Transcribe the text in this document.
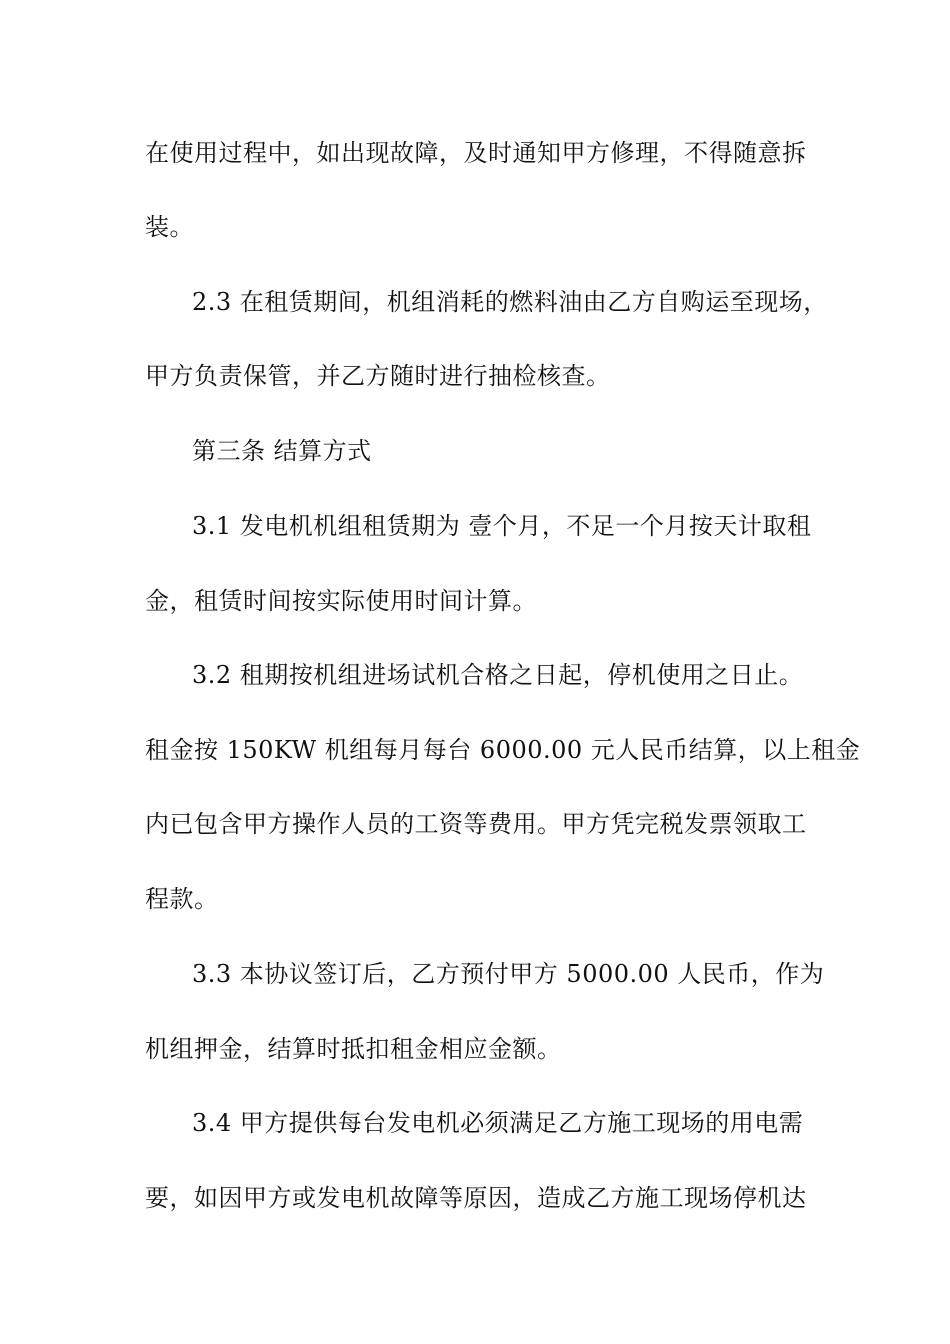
在使用过程中，如出现故障，及时通知甲方修理，不得随意拆
装。
2.3 在租赁期间，机组消耗的燃料油由乙方自购运至现场，
甲方负责保管，并乙方随时进行抽检核查。
第三条 结算方式
3.1 发电机机组租赁期为 壹个月，不足一个月按天计取租
金，租赁时间按实际使用时间计算。
3.2 租期按机组进场试机合格之日起，停机使用之日止。
租金按 150KW 机组每月每台 6000.00 元人民币结算，以上租金
内已包含甲方操作人员的工资等费用。甲方凭完税发票领取工
程款。
3.3 本协议签订后，乙方预付甲方 5000.00 人民币，作为
机组押金，结算时抵扣租金相应金额。
3.4 甲方提供每台发电机必须满足乙方施工现场的用电需
要，如因甲方或发电机故障等原因，造成乙方施工现场停机达
